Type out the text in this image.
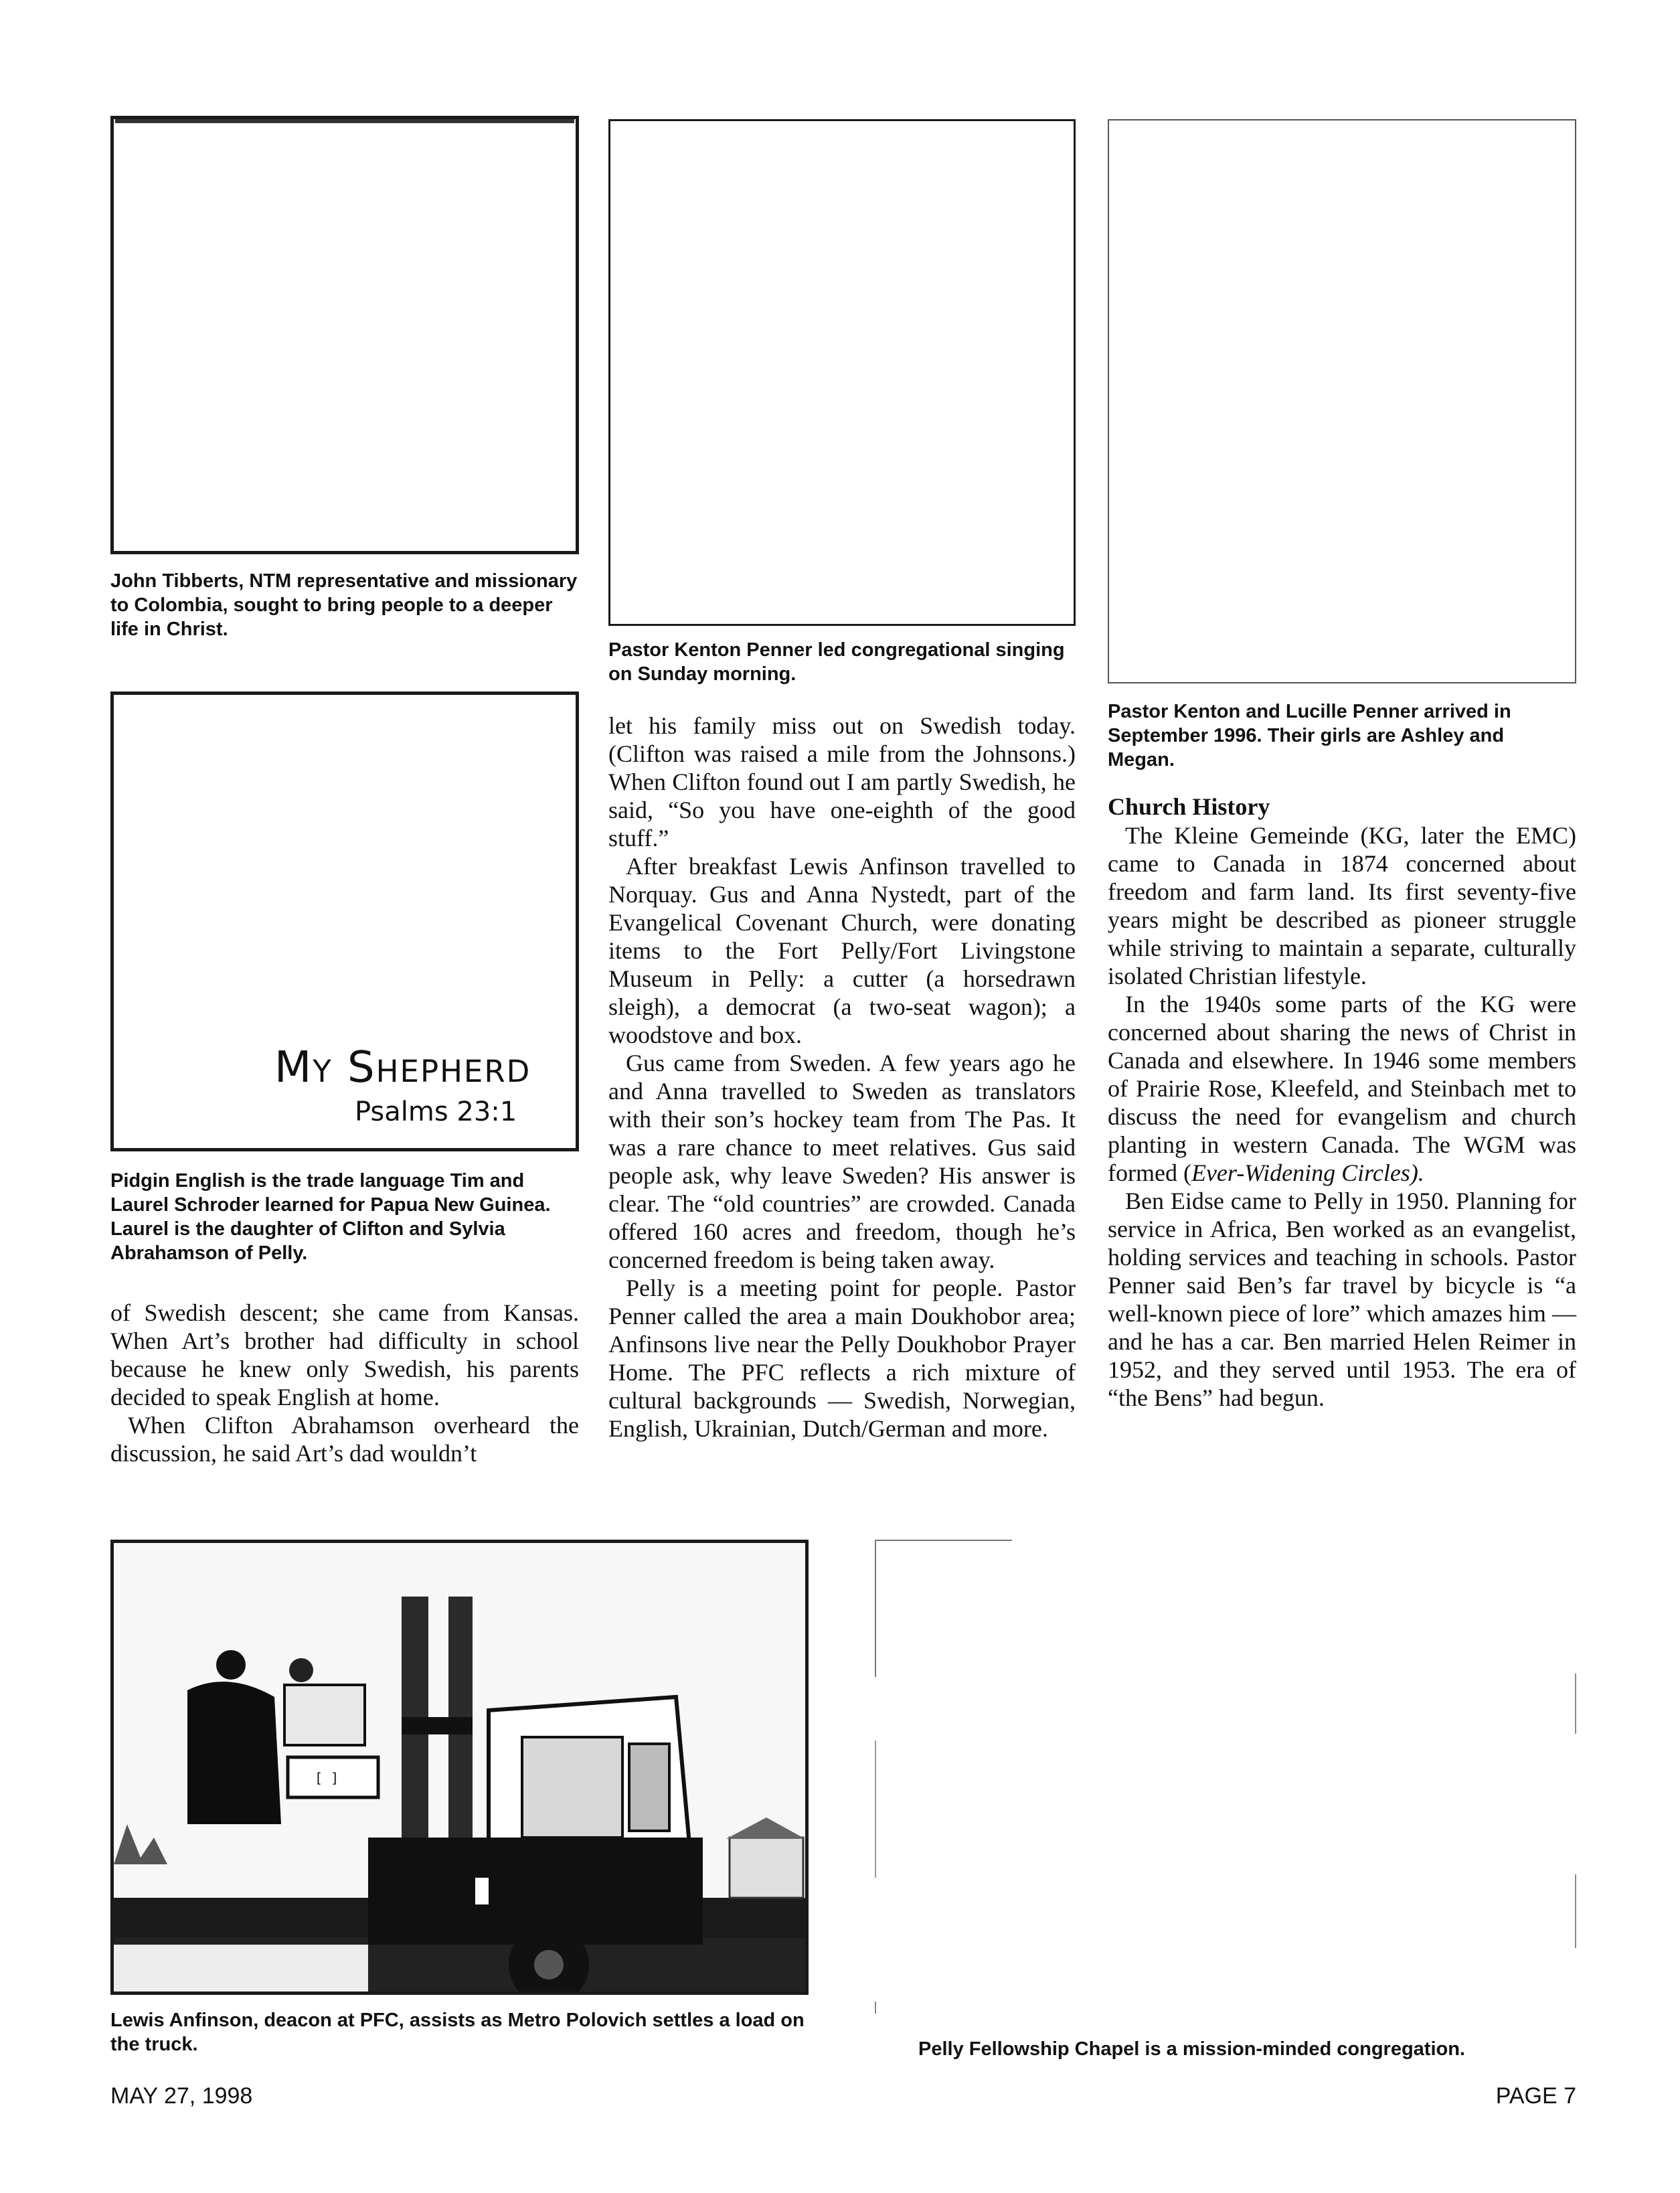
John Tibberts, NTM representative and missionary to Colombia, sought to bring people to a deeper life in Christ.
Pastor Kenton Penner led congregational singing on Sunday morning.
Pastor Kenton and Lucille Penner arrived in September 1996. Their girls are Ashley and Megan.
My Shepherd
Psalms 23:1
Pidgin English is the trade language Tim and Laurel Schroder learned for Papua New Guinea. Laurel is the daughter of Clifton and Sylvia Abrahamson of Pelly.

of Swedish descent; she came from Kansas. When Art’s brother had difficulty in school because he knew only Swedish, his parents decided to speak English at home.

When Clifton Abrahamson overheard the discussion, he said Art’s dad wouldn’t

let his family miss out on Swedish today. (Clifton was raised a mile from the Johnsons.) When Clifton found out I am partly Swedish, he said, “So you have one-eighth of the good stuff.”

After breakfast Lewis Anfinson travelled to Norquay. Gus and Anna Nystedt, part of the Evangelical Covenant Church, were donating items to the Fort Pelly/Fort Livingstone Museum in Pelly: a cutter (a horsedrawn sleigh), a democrat (a two-seat wagon); a woodstove and box.

Gus came from Sweden. A few years ago he and Anna travelled to Sweden as translators with their son’s hockey team from The Pas. It was a rare chance to meet relatives. Gus said people ask, why leave Sweden? His answer is clear. The “old countries” are crowded. Canada offered 160 acres and freedom, though he’s concerned freedom is being taken away.

Pelly is a meeting point for people. Pastor Penner called the area a main Doukhobor area; Anfinsons live near the Pelly Doukhobor Prayer Home. The PFC reflects a rich mixture of cultural backgrounds — Swedish, Norwegian, English, Ukrainian, Dutch/German and more.

Church History

The Kleine Gemeinde (KG, later the EMC) came to Canada in 1874 concerned about freedom and farm land. Its first seventy-five years might be described as pioneer struggle while striving to maintain a separate, culturally isolated Christian lifestyle.

In the 1940s some parts of the KG were concerned about sharing the news of Christ in Canada and elsewhere. In 1946 some members of Prairie Rose, Kleefeld, and Steinbach met to discuss the need for evangelism and church planting in western Canada. The WGM was formed (Ever-Widening Circles).

Ben Eidse came to Pelly in 1950. Planning for service in Africa, Ben worked as an evangelist, holding services and teaching in schools. Pastor Penner said Ben’s far travel by bicycle is “a well-known piece of lore” which amazes him — and he has a car. Ben married Helen Reimer in 1952, and they served until 1953. The era of “the Bens” had begun.

[ ]
Lewis Anfinson, deacon at PFC, assists as Metro Polovich settles a load on the truck.	Pelly Fellowship Chapel is a mission-minded congregation.
MAY 27, 1998	PAGE 7
